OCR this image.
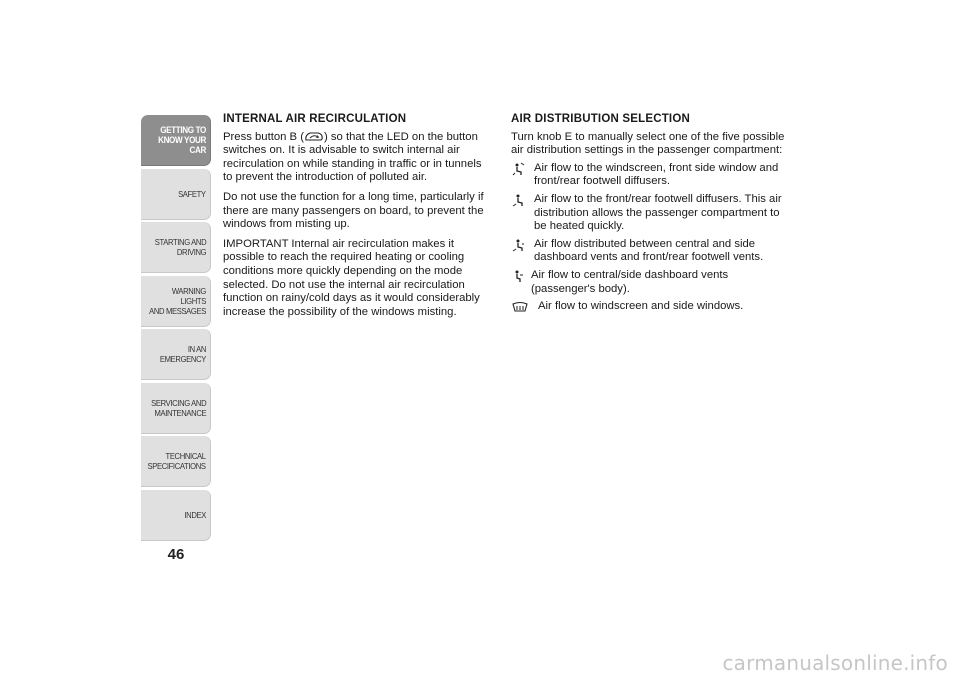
GETTING TO
KNOW YOUR CAR
SAFETY
STARTING AND
DRIVING
WARNING LIGHTS
AND MESSAGES
IN AN EMERGENCY
SERVICING AND
MAINTENANCE
TECHNICAL
SPECIFICATIONS
INDEX
46
INTERNAL AIR RECIRCULATION

Press button B ( ) so that the LED on the button switches on. It is advisable to switch internal air recirculation on while standing in traffic or in tunnels to prevent the introduction of polluted air.

Do not use the function for a long time, particularly if there are many passengers on board, to prevent the windows from misting up.

IMPORTANT Internal air recirculation makes it possible to reach the required heating or cooling conditions more quickly depending on the mode selected. Do not use the internal air recirculation function on rainy/cold days as it would considerably increase the possibility of the windows misting.

AIR DISTRIBUTION SELECTION

Turn knob E to manually select one of the five possible air distribution settings in the passenger compartment:

Air flow to the windscreen, front side window and front/rear footwell diffusers.
Air flow to the front/rear footwell diffusers. This air distribution allows the passenger compartment to be heated quickly.
Air flow distributed between central and side dashboard vents and front/rear footwell vents.
Air flow to central/side dashboard vents (passenger's body).
Air flow to windscreen and side windows.
carmanualsonline.info
